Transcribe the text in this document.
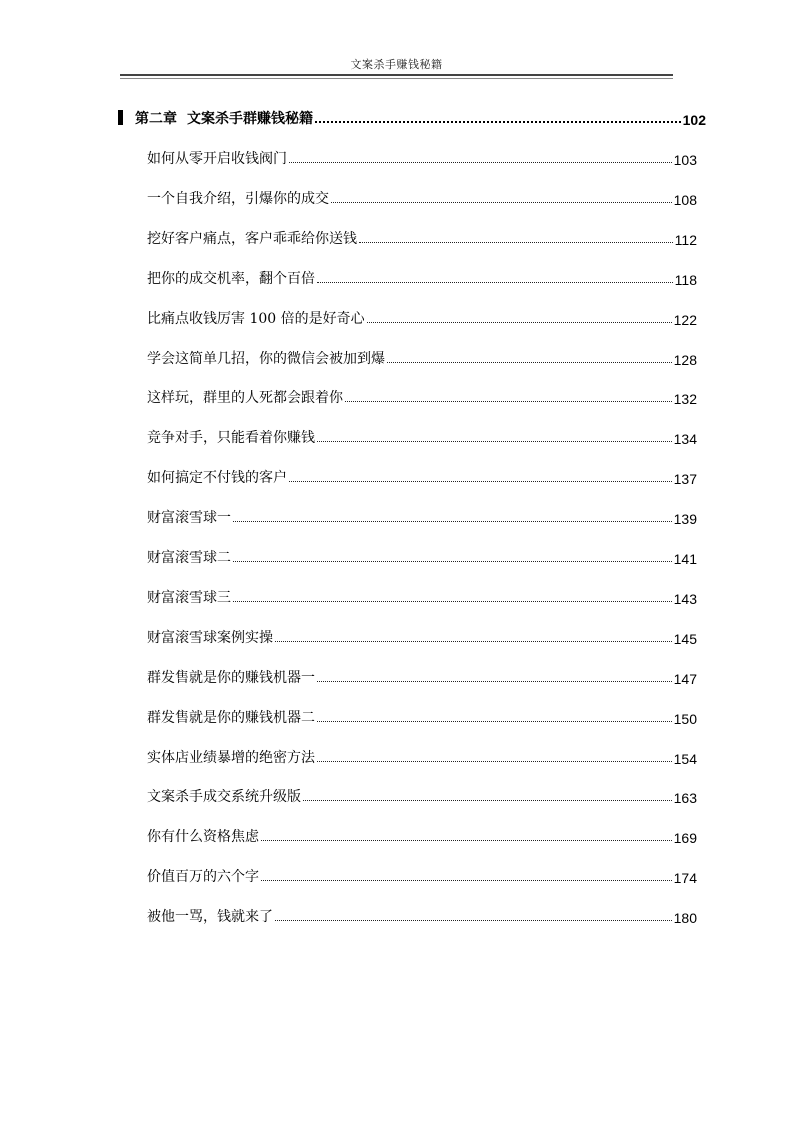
文案杀手赚钱秘籍
第二章 文案杀手群赚钱秘籍	102
如何从零开启收钱阀门	103
一个自我介绍，引爆你的成交	108
挖好客户痛点，客户乖乖给你送钱	112
把你的成交机率，翻个百倍	118
比痛点收钱厉害 100 倍的是好奇心	122
学会这简单几招，你的微信会被加到爆	128
这样玩，群里的人死都会跟着你	132
竞争对手，只能看着你赚钱	134
如何搞定不付钱的客户	137
财富滚雪球一	139
财富滚雪球二	141
财富滚雪球三	143
财富滚雪球案例实操	145
群发售就是你的赚钱机器一	147
群发售就是你的赚钱机器二	150
实体店业绩暴增的绝密方法	154
文案杀手成交系统升级版	163
你有什么资格焦虑	169
价值百万的六个字	174
被他一骂，钱就来了	180
